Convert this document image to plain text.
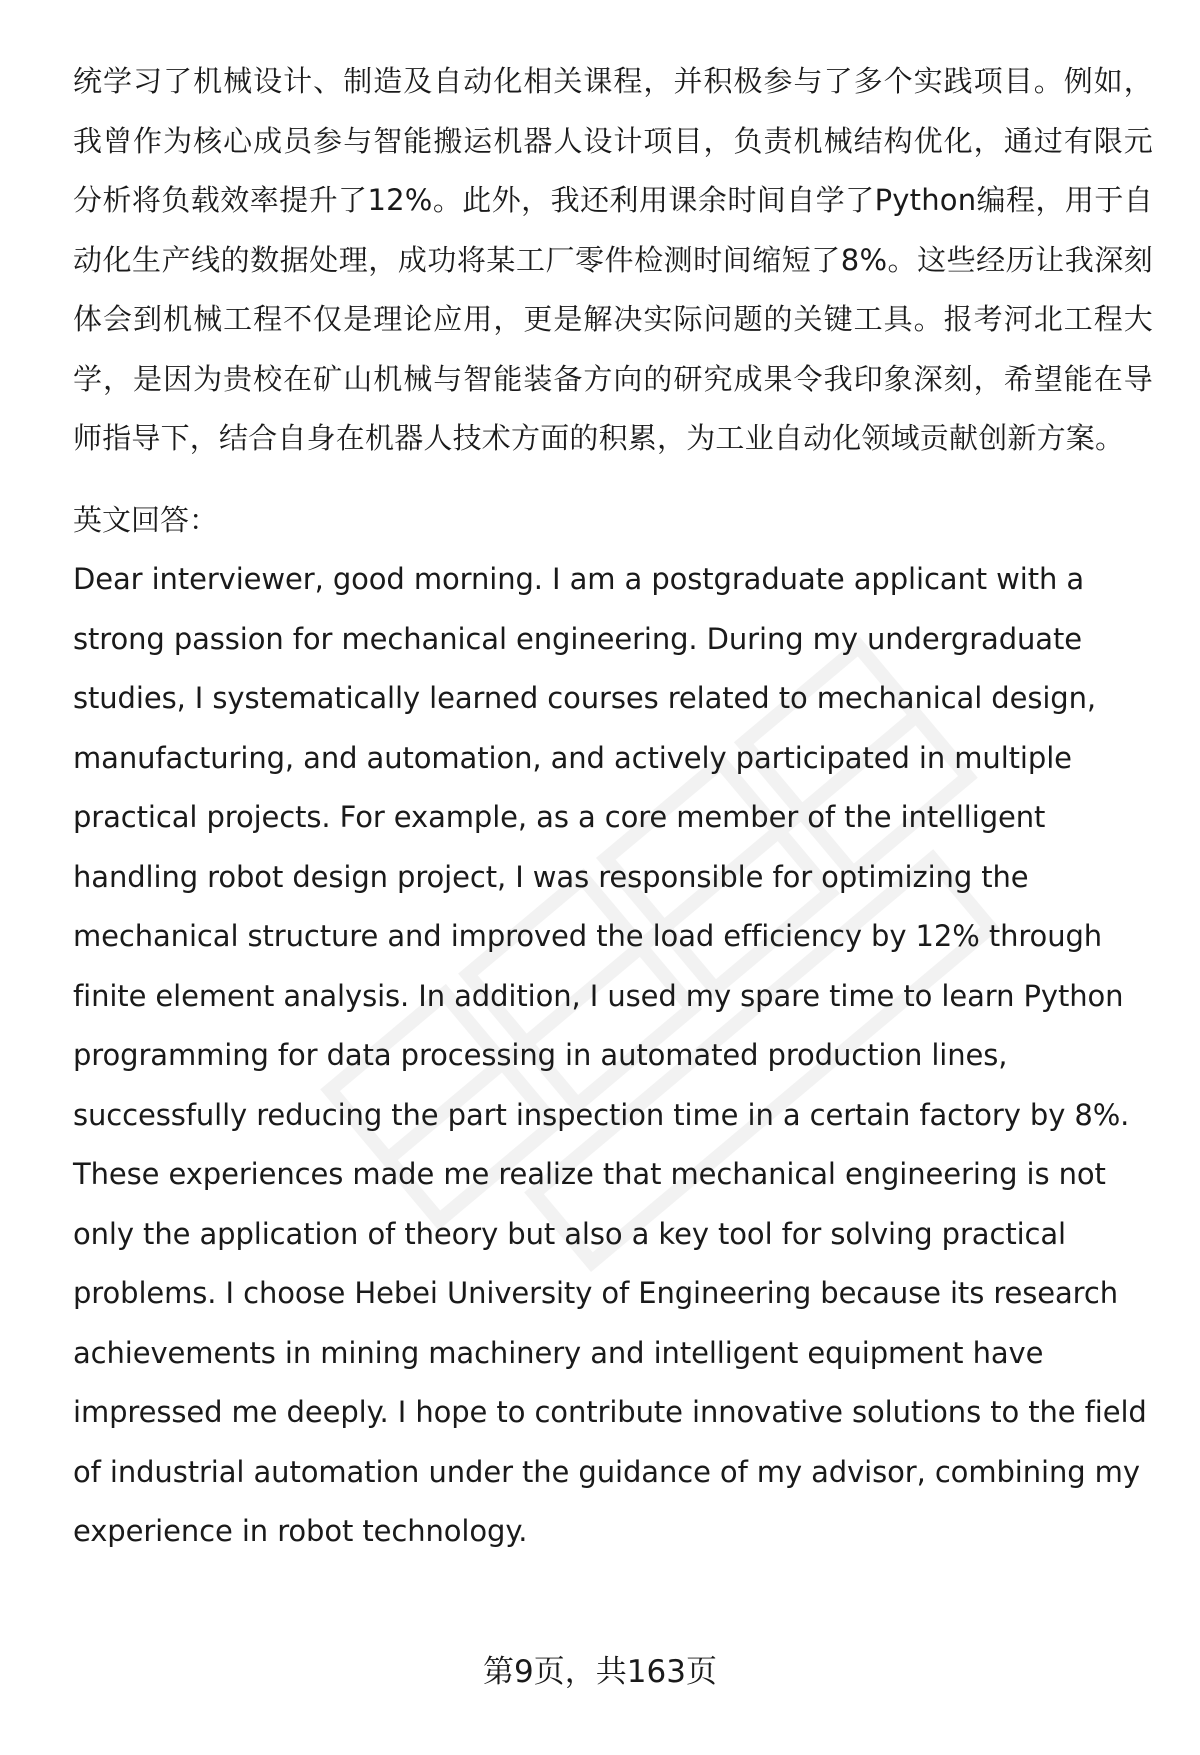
统学习了机械设计、制造及自动化相关课程，并积极参与了多个实践项目。例如，我曾作为核心成员参与智能搬运机器人设计项目，负责机械结构优化，通过有限元分析将负载效率提升了12%。此外，我还利用课余时间自学了Python编程，用于自动化生产线的数据处理，成功将某工厂零件检测时间缩短了8%。这些经历让我深刻体会到机械工程不仅是理论应用，更是解决实际问题的关键工具。报考河北工程大学，是因为贵校在矿山机械与智能装备方向的研究成果令我印象深刻，希望能在导师指导下，结合自身在机器人技术方面的积累，为工业自动化领域贡献创新方案。

英文回答：

Dear interviewer, good morning. I am a postgraduate applicant with a strong passion for mechanical engineering. During my undergraduate studies, I systematically learned courses related to mechanical design, manufacturing, and automation, and actively participated in multiple practical projects. For example, as a core member of the intelligent handling robot design project, I was responsible for optimizing the mechanical structure and improved the load efficiency by 12% through finite element analysis. In addition, I used my spare time to learn Python programming for data processing in automated production lines, successfully reducing the part inspection time in a certain factory by 8%. These experiences made me realize that mechanical engineering is not only the application of theory but also a key tool for solving practical problems. I choose Hebei University of Engineering because its research achievements in mining machinery and intelligent equipment have impressed me deeply. I hope to contribute innovative solutions to the field of industrial automation under the guidance of my advisor, combining my experience in robot technology.

第9页，共163页
